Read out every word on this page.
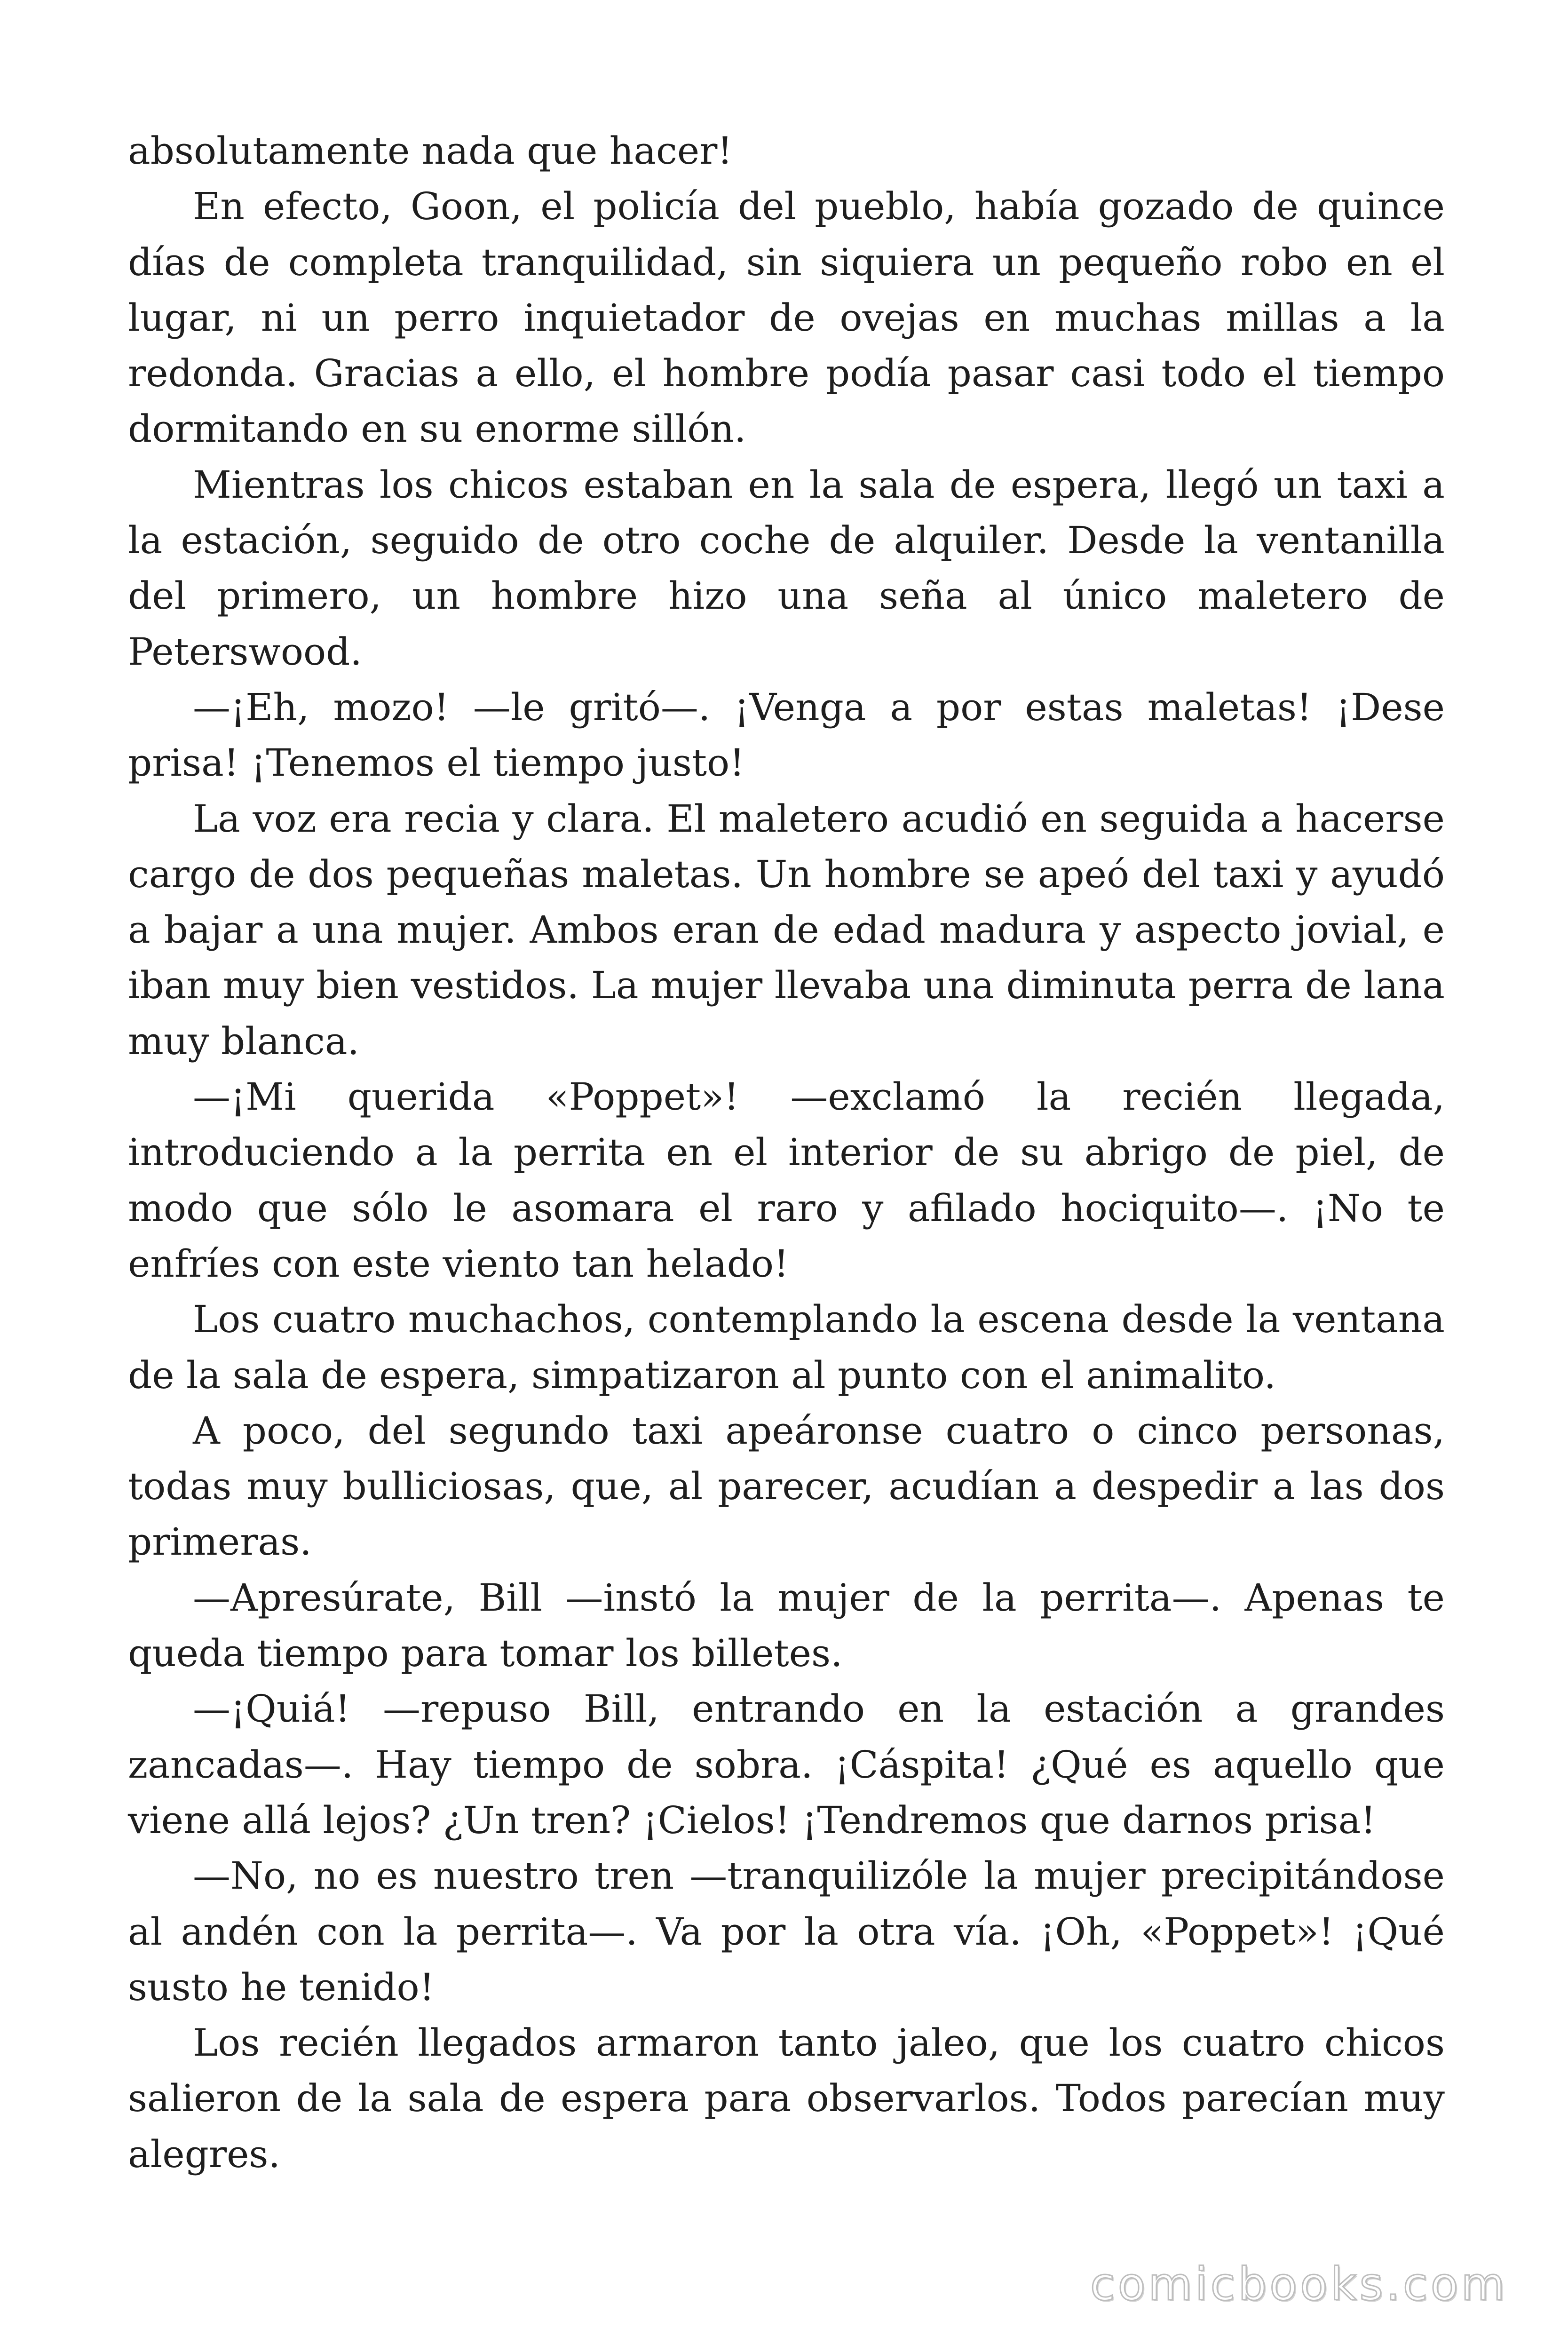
absolutamente nada que hacer!

En efecto, Goon, el policía del pueblo, había gozado de quince días de completa tranquilidad, sin siquiera un pequeño robo en el lugar, ni un perro inquietador de ovejas en muchas millas a la redonda. Gracias a ello, el hombre podía pasar casi todo el tiempo dormitando en su enorme sillón.

Mientras los chicos estaban en la sala de espera, llegó un taxi a la estación, seguido de otro coche de alquiler. Desde la ventanilla del primero, un hombre hizo una seña al único maletero de Peterswood.

—¡Eh, mozo! —le gritó—. ¡Venga a por estas maletas! ¡Dese prisa! ¡Tenemos el tiempo justo!

La voz era recia y clara. El maletero acudió en seguida a hacerse cargo de dos pequeñas maletas. Un hombre se apeó del taxi y ayudó a bajar a una mujer. Ambos eran de edad madura y aspecto jovial, e iban muy bien vestidos. La mujer llevaba una diminuta perra de lana muy blanca.

—¡Mi querida «Poppet»! —exclamó la recién llegada, introduciendo a la perrita en el interior de su abrigo de piel, de modo que sólo le asomara el raro y afilado hociquito—. ¡No te enfríes con este viento tan helado!

Los cuatro muchachos, contemplando la escena desde la ventana de la sala de espera, simpatizaron al punto con el animalito.

A poco, del segundo taxi apeáronse cuatro o cinco personas, todas muy bulliciosas, que, al parecer, acudían a despedir a las dos primeras.

—Apresúrate, Bill —instó la mujer de la perrita—. Apenas te queda tiempo para tomar los billetes.

—¡Quiá! —repuso Bill, entrando en la estación a grandes zancadas—. Hay tiempo de sobra. ¡Cáspita! ¿Qué es aquello que viene allá lejos? ¿Un tren? ¡Cielos! ¡Tendremos que darnos prisa!

—No, no es nuestro tren —tranquilizóle la mujer precipitándose al andén con la perrita—. Va por la otra vía. ¡Oh, «Poppet»! ¡Qué susto he tenido!

Los recién llegados armaron tanto jaleo, que los cuatro chicos salieron de la sala de espera para observarlos. Todos parecían muy alegres.

comicbooks.com
